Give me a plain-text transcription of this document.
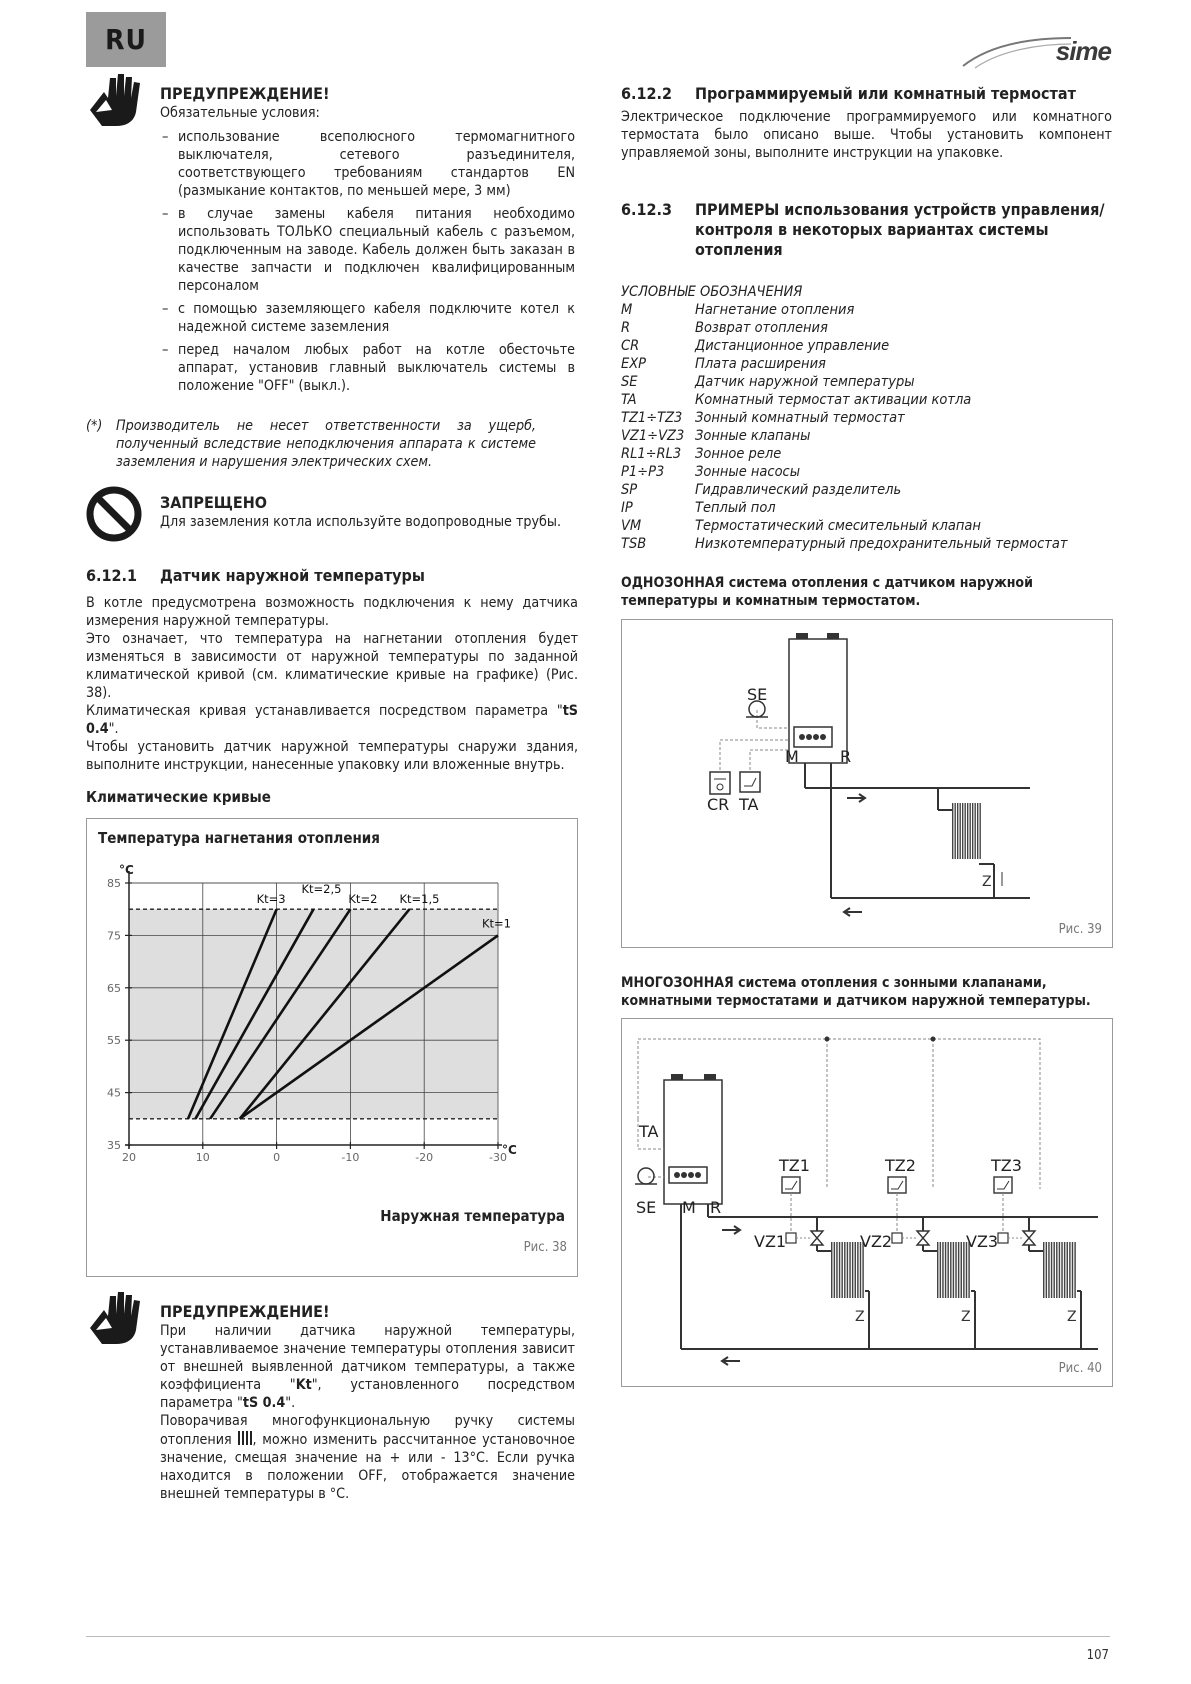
RU	sime
ПРЕДУПРЕЖДЕНИЕ!
Обязательные условия:
– использование всеполюсного термомагнитного выключателя, сетевого разъединителя, соответствующего требованиям стандартов EN (размыкание контактов, по меньшей мере, 3 мм)
– в случае замены кабеля питания необходимо использовать ТОЛЬКО специальный кабель с разъемом, подключенным на заводе. Кабель должен быть заказан в качестве запчасти и подключен квалифицированным персоналом
– с помощью заземляющего кабеля подключите котел к надежной системе заземления
– перед началом любых работ на котле обесточьте аппарат, установив главный выключатель системы в положение "OFF" (выкл.).
(*) Производитель не несет ответственности за ущерб, полученный вследствие неподключения аппарата к системе заземления и нарушения электрических схем.
ЗАПРЕЩЕНО
Для заземления котла используйте водопроводные трубы.
6.12.1	Датчик наружной температуры
В котле предусмотрена возможность подключения к нему датчика измерения наружной температуры.
Это означает, что температура на нагнетании отопления будет изменяться в зависимости от наружной температуры по заданной климатической кривой (см. климатические кривые на графике) (Рис. 38).
Климатическая кривая устанавливается посредством параметра "tS 0.4".
Чтобы установить датчик наружной температуры снаружи здания, выполните инструкции, нанесенные упаковку или вложенные внутрь.
Климатические кривые
Температура нагнетания отопления
35
45
55
65
75
85
20	10	0	-10	-20	-30
°C
°C
Kt=3
Kt=2,5
Kt=2 Kt=1,5
Kt=1
Наружная температура
Рис. 38
ПРЕДУПРЕЖДЕНИЕ!
При наличии датчика наружной температуры, устанавливаемое значение температуры отопления зависит от внешней выявленной датчиком температуры, а также коэффициента "Kt", установленного посредством параметра "tS 0.4".
Поворачивая многофункциональную ручку системы отопления , можно изменить рассчитанное установочное значение, смещая значение на + или - 13°C. Если ручка находится в положении OFF, отображается значение внешней температуры в °C.
6.12.2	Программируемый или комнатный термостат
Электрическое подключение программируемого или комнатного термостата было описано выше. Чтобы установить компонент управляемой зоны, выполните инструкции на упаковке.
6.12.3	ПРИМЕРЫ использования устройств управления/контроля в некоторых вариантах системы отопления
УСЛОВНЫЕ ОБОЗНАЧЕНИЯ
M	Нагнетание отопления
R	Возврат отопления
CR	Дистанционное управление
EXP	Плата расширения
SE	Датчик наружной температуры
TA	Комнатный термостат активации котла
TZ1÷TZ3 Зонный комнатный термостат
VZ1÷VZ3 Зонные клапаны
RL1÷RL3 Зонное реле
P1÷P3	Зонные насосы
SP	Гидравлический разделитель
IP	Теплый пол
VM	Термостатический смесительный клапан
TSB	Низкотемпературный предохранительный термостат
ОДНОЗОННАЯ система отопления с датчиком наружной температуры и комнатным термостатом.
Z
SE
M	R
CR TA
Рис. 39
МНОГОЗОННАЯ система отопления с зонными клапанами, комнатными термостатами и датчиком наружной температуры.
Z	Z	Z
TA
SE M R
TZ1	TZ2	TZ3
VZ1	VZ2	VZ3
Рис. 40
107
